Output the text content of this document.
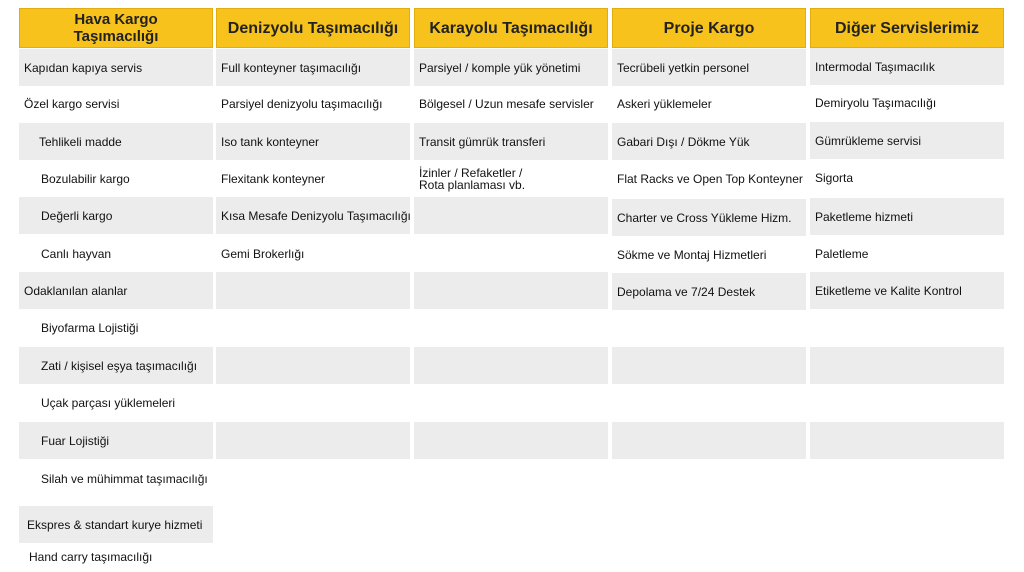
Hava Kargo Taşımacılığı
Kapıdan kapıya servis
Özel kargo servisi
Tehlikeli madde
Bozulabilir kargo
Değerli kargo
Canlı hayvan
Odaklanılan alanlar
Biyofarma Lojistiği
Zati / kişisel eşya taşımacılığı
Uçak parçası yüklemeleri
Fuar Lojistiği
Silah ve mühimmat taşımacılığı
Ekspres & standart kurye hizmeti
Hand carry taşımacılığı
Denizyolu Taşımacılığı
Full konteyner taşımacılığı
Parsiyel denizyolu taşımacılığı
Iso tank konteyner
Flexitank konteyner
Kısa Mesafe Denizyolu Taşımacılığı
Gemi Brokerlığı
Karayolu Taşımacılığı
Parsiyel / komple yük yönetimi
Bölgesel / Uzun mesafe servisler
Transit gümrük transferi
İzinler / Refaketler / Rota planlaması vb.
Proje Kargo
Tecrübeli yetkin personel
Askeri yüklemeler
Gabari Dışı / Dökme Yük
Flat Racks ve Open Top Konteyner
Charter ve Cross Yükleme Hizm.
Sökme ve Montaj Hizmetleri
Depolama ve 7/24 Destek
Diğer Servislerimiz
Intermodal Taşımacılık
Demiryolu Taşımacılığı
Gümrükleme servisi
Sigorta
Paketleme hizmeti
Paletleme
Etiketleme ve Kalite Kontrol
